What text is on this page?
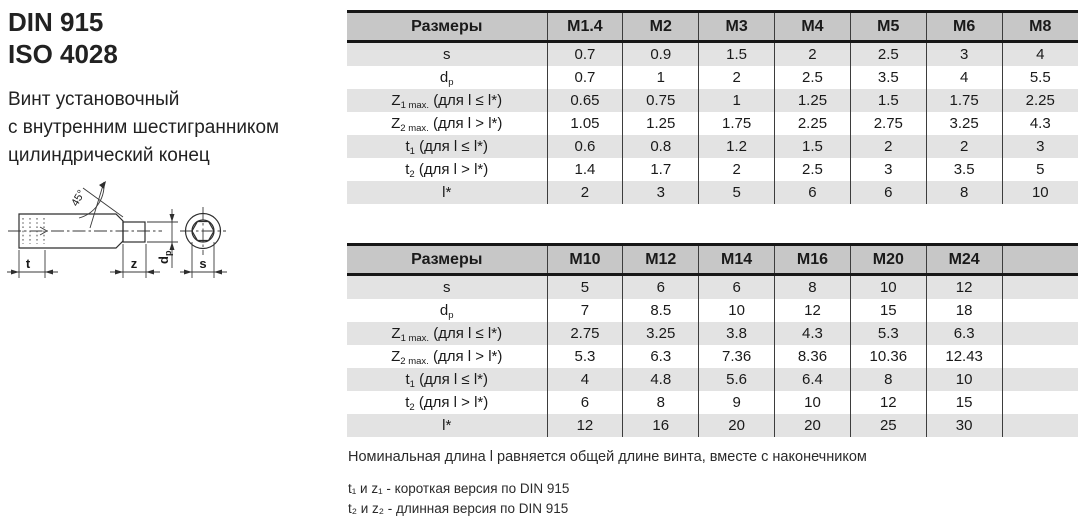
DIN 915
ISO 4028
Винт установочный
с внутренним шестигранником
цилиндрический конец
45°
t	z $d_p$
s
Размеры	M1.4	M2	M3	M4	M5	M6	M8
s	0.7	0.9	1.5	2	2.5	3	4
$d_p$	0.7	1	2	2.5	3.5	4	5.5
$Z_{1 max.}$ (для l ≤ l*)	0.65	0.75	1	1.25	1.5	1.75	2.25
$Z_{2 max.}$ (для l > l*)	1.05	1.25	1.75	2.25	2.75	3.25	4.3
$t_1$ (для l ≤ l*)	0.6	0.8	1.2	1.5	2	2	3
$t_2$ (для l > l*)	1.4	1.7	2	2.5	3	3.5	5
l*	2	3	5	6	6	8	10
Размеры	M10	M12	M14	M16	M20	M24	
s	5	6	6	8	10	12	
$d_p$	7	8.5	10	12	15	18	
$Z_{1 max.}$ (для l ≤ l*)	2.75	3.25	3.8	4.3	5.3	6.3	
$Z_{2 max.}$ (для l > l*)	5.3	6.3	7.36	8.36	10.36	12.43	
$t_1$ (для l ≤ l*)	4	4.8	5.6	6.4	8	10	
$t_2$ (для l > l*)	6	8	9	10	12	15	
l*	12	16	20	20	25	30	
Номинальная длина l равняется общей длине винта, вместе с наконечником
t₁ и z₁ - короткая версия по DIN 915
t₂ и z₂ - длинная версия по DIN 915
